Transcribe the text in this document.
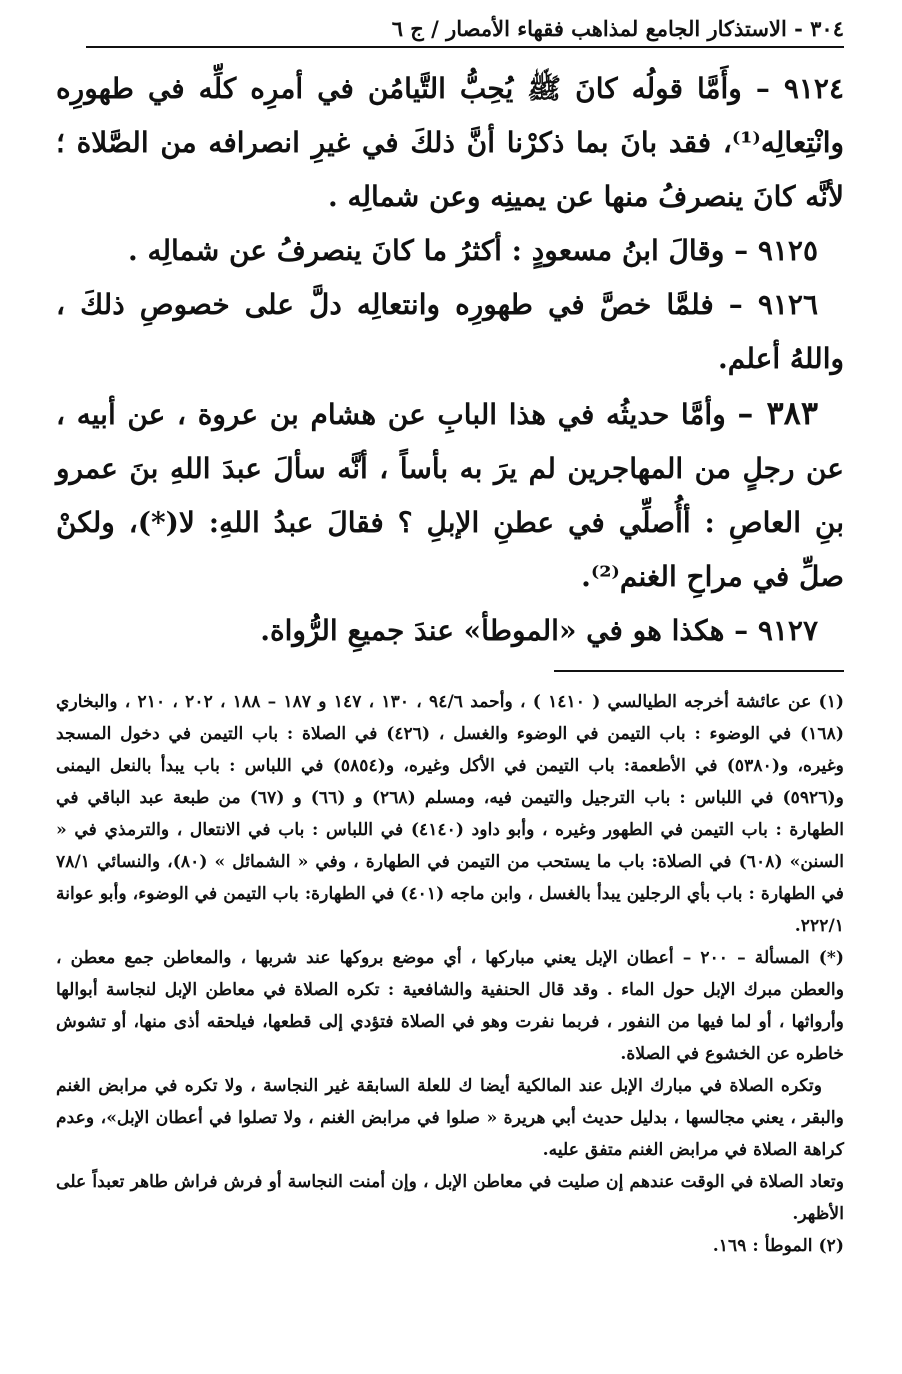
٣٠٤ - الاستذكار الجامع لمذاهب فقهاء الأمصار / ج ٦

٩١٢٤ – وأَمَّا قولُه كانَ ﷺ يُحِبُّ التَّيامُن في أمرِه كلِّه في طهورِه وانْتِعالِه⁽¹⁾، فقد بانَ بما ذكرْنا أنَّ ذلكَ في غيرِ انصرافه من الصَّلاة ؛ لأنَّه كانَ ينصرفُ منها عن يمينِه وعن شمالِه .

٩١٢٥ – وقالَ ابنُ مسعودٍ : أكثرُ ما كانَ ينصرفُ عن شمالِه .

٩١٢٦ – فلمَّا خصَّ في طهورِه وانتعالِه دلَّ على خصوصِ ذلكَ ، واللهُ أعلم.

٣٨٣ – وأمَّا حديثُه في هذا البابِ عن هشام بن عروة ، عن أبيه ، عن رجلٍ من المهاجرين لم يرَ به بأساً ، أنَّه سألَ عبدَ اللهِ بنَ عمرو بنِ العاصِ : أأُصلِّي في عطنِ الإبلِ ؟ فقالَ عبدُ اللهِ: لا(*)، ولكنْ صلِّ في مراحِ الغنم⁽²⁾.

٩١٢٧ – هكذا هو في «الموطأ» عندَ جميعِ الرُّواة.

(١) عن عائشة أخرجه الطيالسي ( ١٤١٠ ) ، وأحمد ٩٤/٦ ، ١٣٠ ، ١٤٧ و ١٨٧ – ١٨٨ ، ٢٠٢ ، ٢١٠ ، والبخاري (١٦٨) في الوضوء : باب التيمن في الوضوء والغسل ، (٤٢٦) في الصلاة : باب التيمن في دخول المسجد وغيره، و(٥٣٨٠) في الأطعمة: باب التيمن في الأكل وغيره، و(٥٨٥٤) في اللباس : باب يبدأ بالنعل اليمنى و(٥٩٢٦) في اللباس : باب الترجيل والتيمن فيه، ومسلم (٢٦٨) و (٦٦) و (٦٧) من طبعة عبد الباقي في الطهارة : باب التيمن في الطهور وغيره ، وأبو داود (٤١٤٠) في اللباس : باب في الانتعال ، والترمذي في « السنن» (٦٠٨) في الصلاة: باب ما يستحب من التيمن في الطهارة ، وفي « الشمائل » (٨٠)، والنسائي ٧٨/١ في الطهارة : باب بأي الرجلين يبدأ بالغسل ، وابن ماجه (٤٠١) في الطهارة: باب التيمن في الوضوء، وأبو عوانة ٢٢٢/١.

(*) المسألة – ٢٠٠ – أعطان الإبل يعني مباركها ، أي موضع بروكها عند شربها ، والمعاطن جمع معطن ، والعطن مبرك الإبل حول الماء . وقد قال الحنفية والشافعية : تكره الصلاة في معاطن الإبل لنجاسة أبوالها وأرواثها ، أو لما فيها من النفور ، فربما نفرت وهو في الصلاة فتؤدي إلى قطعها، فيلحقه أذى منها، أو تشوش خاطره عن الخشوع في الصلاة.

وتكره الصلاة في مبارك الإبل عند المالكية أيضا ك للعلة السابقة غير النجاسة ، ولا تكره في مرابض الغنم والبقر ، يعني مجالسها ، بدليل حديث أبي هريرة « صلوا في مرابض الغنم ، ولا تصلوا في أعطان الإبل»، وعدم كراهة الصلاة في مرابض الغنم متفق عليه.

وتعاد الصلاة في الوقت عندهم إن صليت في معاطن الإبل ، وإن أمنت النجاسة أو فرش فراش طاهر تعبداً على الأظهر.

(٢) الموطأ : ١٦٩.
